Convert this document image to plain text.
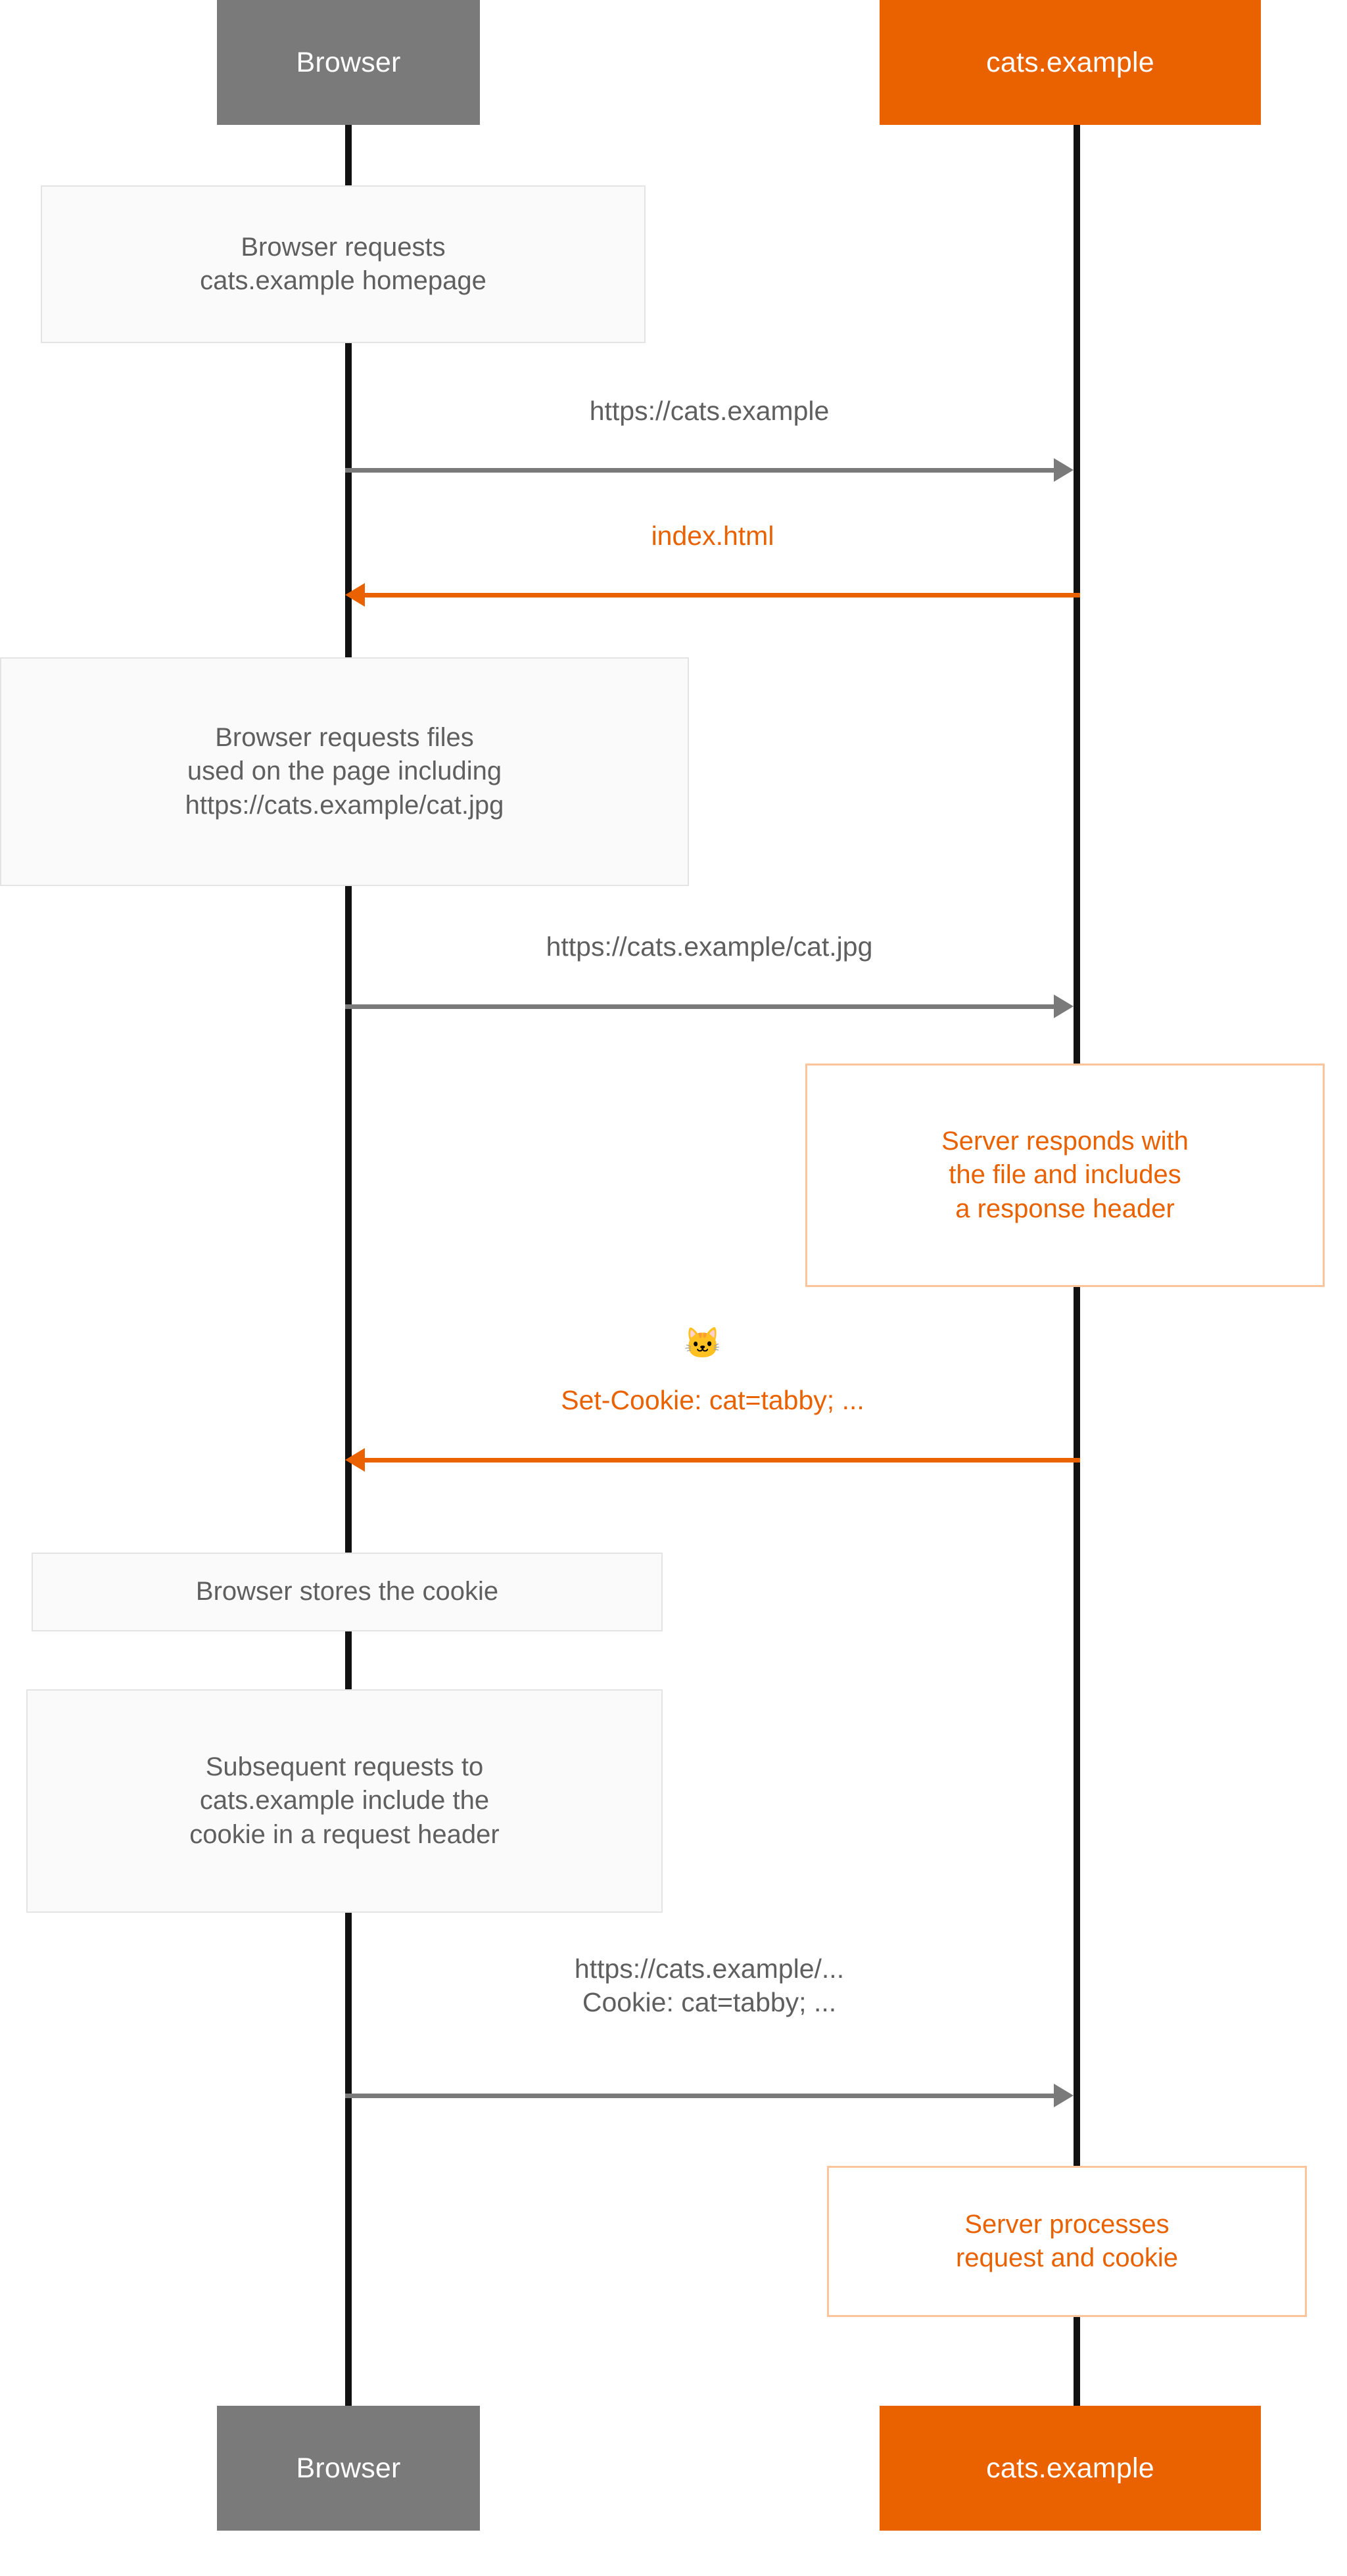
Browser	cats.example
Browser	cats.example
Browser requests
cats.example homepage
https://cats.example
index.html
Browser requests files
used on the page including
https://cats.example/cat.jpg
https://cats.example/cat.jpg
Server responds with
the file and includes
a response header
🐱
Set-Cookie: cat=tabby; ...
Browser stores the cookie
Subsequent requests to
cats.example include the
cookie in a request header
https://cats.example/...
Cookie: cat=tabby; ...
Server processes
request and cookie
